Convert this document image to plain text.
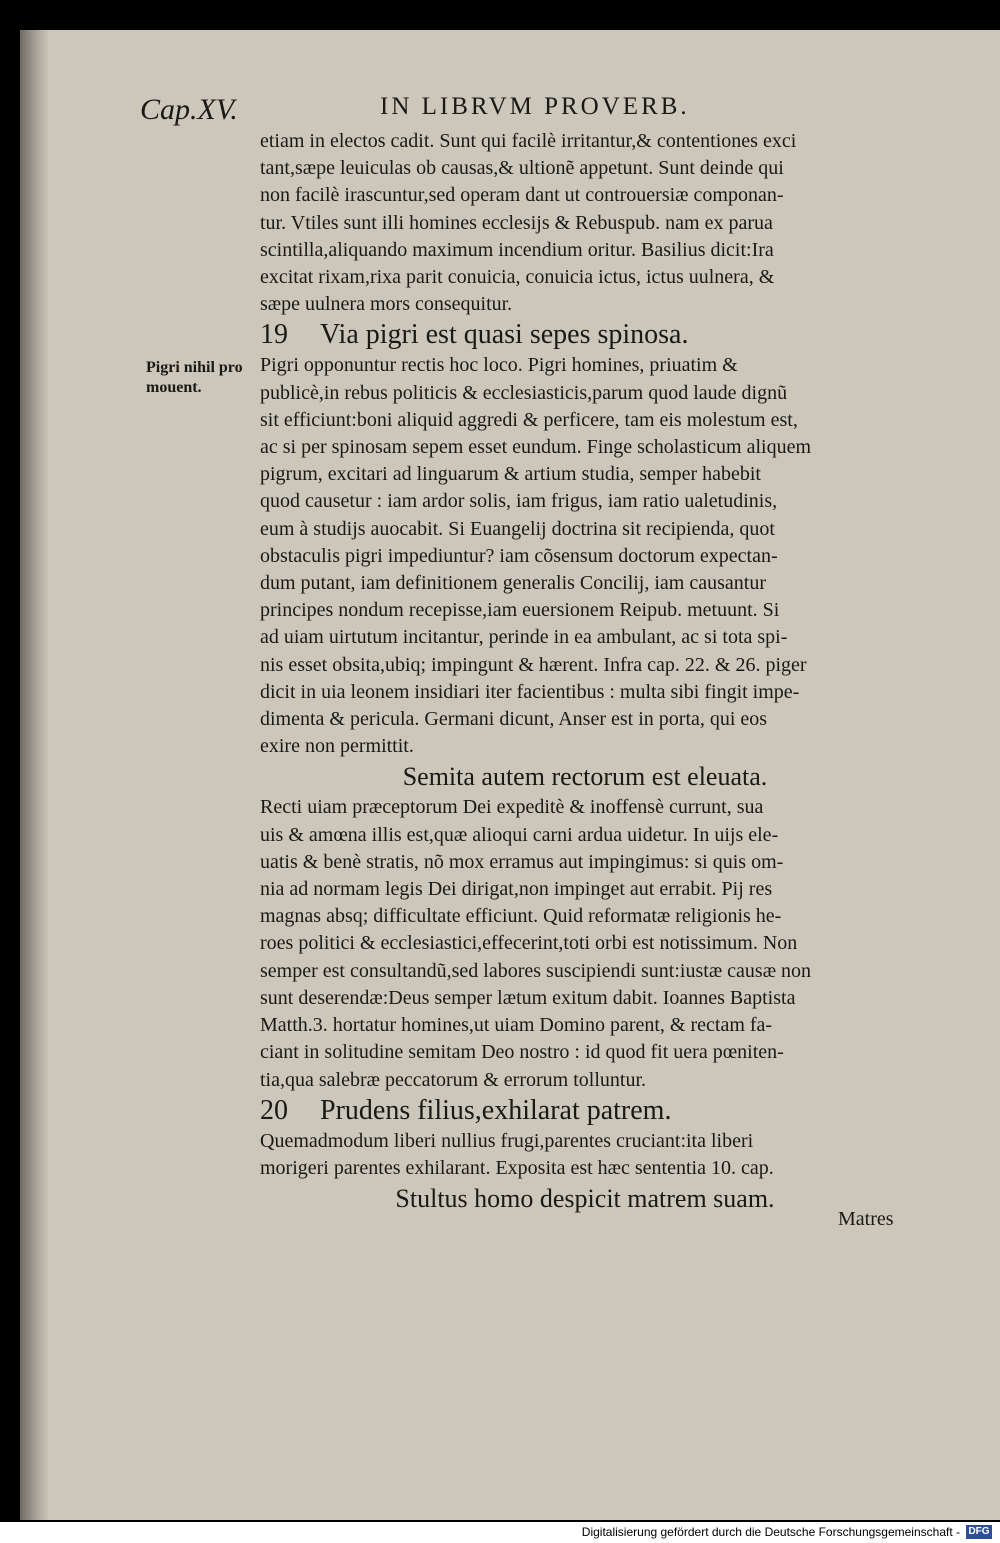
Cap.XV.	IN LIBRVM PROVERB.
Pigri nihil pro mouent.
etiam in electos cadit. Sunt qui facilè irritantur,& contentiones exci
tant,sæpe leuiculas ob causas,& ultionẽ appetunt. Sunt deinde qui
non facilè irascuntur,sed operam dant ut controuersiæ componan-
tur. Vtiles sunt illi homines ecclesijs & Rebuspub. nam ex parua
scintilla,aliquando maximum incendium oritur. Basilius dicit:Ira
excitat rixam,rixa parit conuicia, conuicia ictus, ictus uulnera, &
sæpe uulnera mors consequitur.
19 Via pigri est quasi sepes spinosa.
Pigri opponuntur rectis hoc loco. Pigri homines, priuatim &
publicè,in rebus politicis & ecclesiasticis,parum quod laude dignũ
sit efficiunt:boni aliquid aggredi & perficere, tam eis molestum est,
ac si per spinosam sepem esset eundum. Finge scholasticum aliquem
pigrum, excitari ad linguarum & artium studia, semper habebit
quod causetur : iam ardor solis, iam frigus, iam ratio ualetudinis,
eum à studijs auocabit. Si Euangelij doctrina sit recipienda, quot
obstaculis pigri impediuntur? iam cõsensum doctorum expectan-
dum putant, iam definitionem generalis Concilij, iam causantur
principes nondum recepisse,iam euersionem Reipub. metuunt. Si
ad uiam uirtutum incitantur, perinde in ea ambulant, ac si tota spi-
nis esset obsita,ubiq; impingunt & hærent. Infra cap. 22. & 26. piger
dicit in uia leonem insidiari iter facientibus : multa sibi fingit impe-
dimenta & pericula. Germani dicunt, Anser est in porta, qui eos
exire non permittit.
Semita autem rectorum est eleuata.
Recti uiam præceptorum Dei expeditè & inoffensè currunt, sua
uis & amœna illis est,quæ alioqui carni ardua uidetur. In uijs ele-
uatis & benè stratis, nõ mox erramus aut impingimus: si quis om-
nia ad normam legis Dei dirigat,non impinget aut errabit. Pij res
magnas absq; difficultate efficiunt. Quid reformatæ religionis he-
roes politici & ecclesiastici,effecerint,toti orbi est notissimum. Non
semper est consultandũ,sed labores suscipiendi sunt:iustæ causæ non
sunt deserendæ:Deus semper lætum exitum dabit. Ioannes Baptista
Matth.3. hortatur homines,ut uiam Domino parent, & rectam fa-
ciant in solitudine semitam Deo nostro : id quod fit uera pœniten-
tia,qua salebræ peccatorum & errorum tolluntur.
20 Prudens filius,exhilarat patrem.
Quemadmodum liberi nullius frugi,parentes cruciant:ita liberi
morigeri parentes exhilarant. Exposita est hæc sententia 10. cap.
Stultus homo despicit matrem suam.
Matres
Digitalisierung gefördert durch die Deutsche Forschungsgemeinschaft - DFG
